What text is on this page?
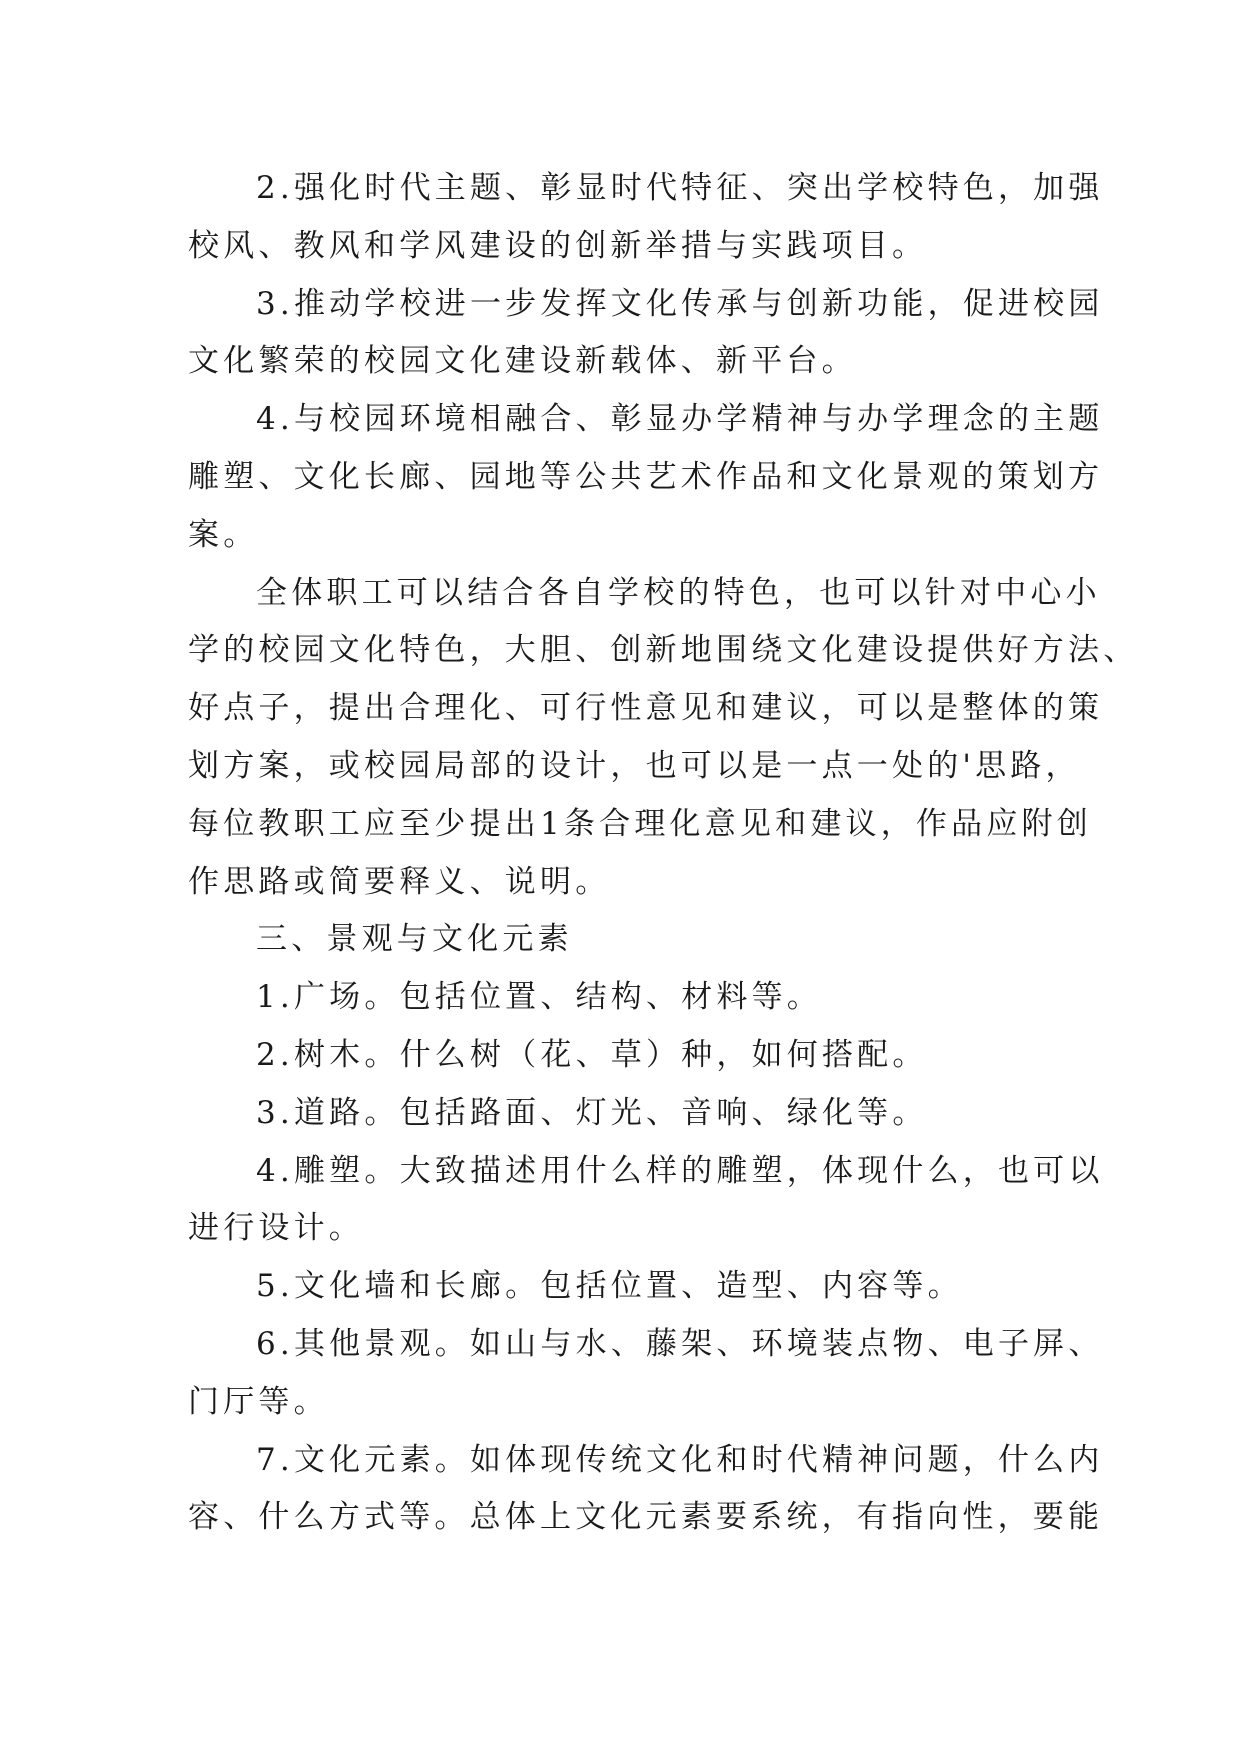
2.强化时代主题、彰显时代特征、突出学校特色，加强
校风、教风和学风建设的创新举措与实践项目。
3.推动学校进一步发挥文化传承与创新功能，促进校园
文化繁荣的校园文化建设新载体、新平台。
4.与校园环境相融合、彰显办学精神与办学理念的主题
雕塑、文化长廊、园地等公共艺术作品和文化景观的策划方
案。
全体职工可以结合各自学校的特色，也可以针对中心小
学的校园文化特色，大胆、创新地围绕文化建设提供好方法、
好点子，提出合理化、可行性意见和建议，可以是整体的策
划方案，或校园局部的设计，也可以是一点一处的'思路，
每位教职工应至少提出1条合理化意见和建议，作品应附创
作思路或简要释义、说明。
三、景观与文化元素
1.广场。包括位置、结构、材料等。
2.树木。什么树（花、草）种，如何搭配。
3.道路。包括路面、灯光、音响、绿化等。
4.雕塑。大致描述用什么样的雕塑，体现什么，也可以
进行设计。
5.文化墙和长廊。包括位置、造型、内容等。
6.其他景观。如山与水、藤架、环境装点物、电子屏、
门厅等。
7.文化元素。如体现传统文化和时代精神问题，什么内
容、什么方式等。总体上文化元素要系统，有指向性，要能
